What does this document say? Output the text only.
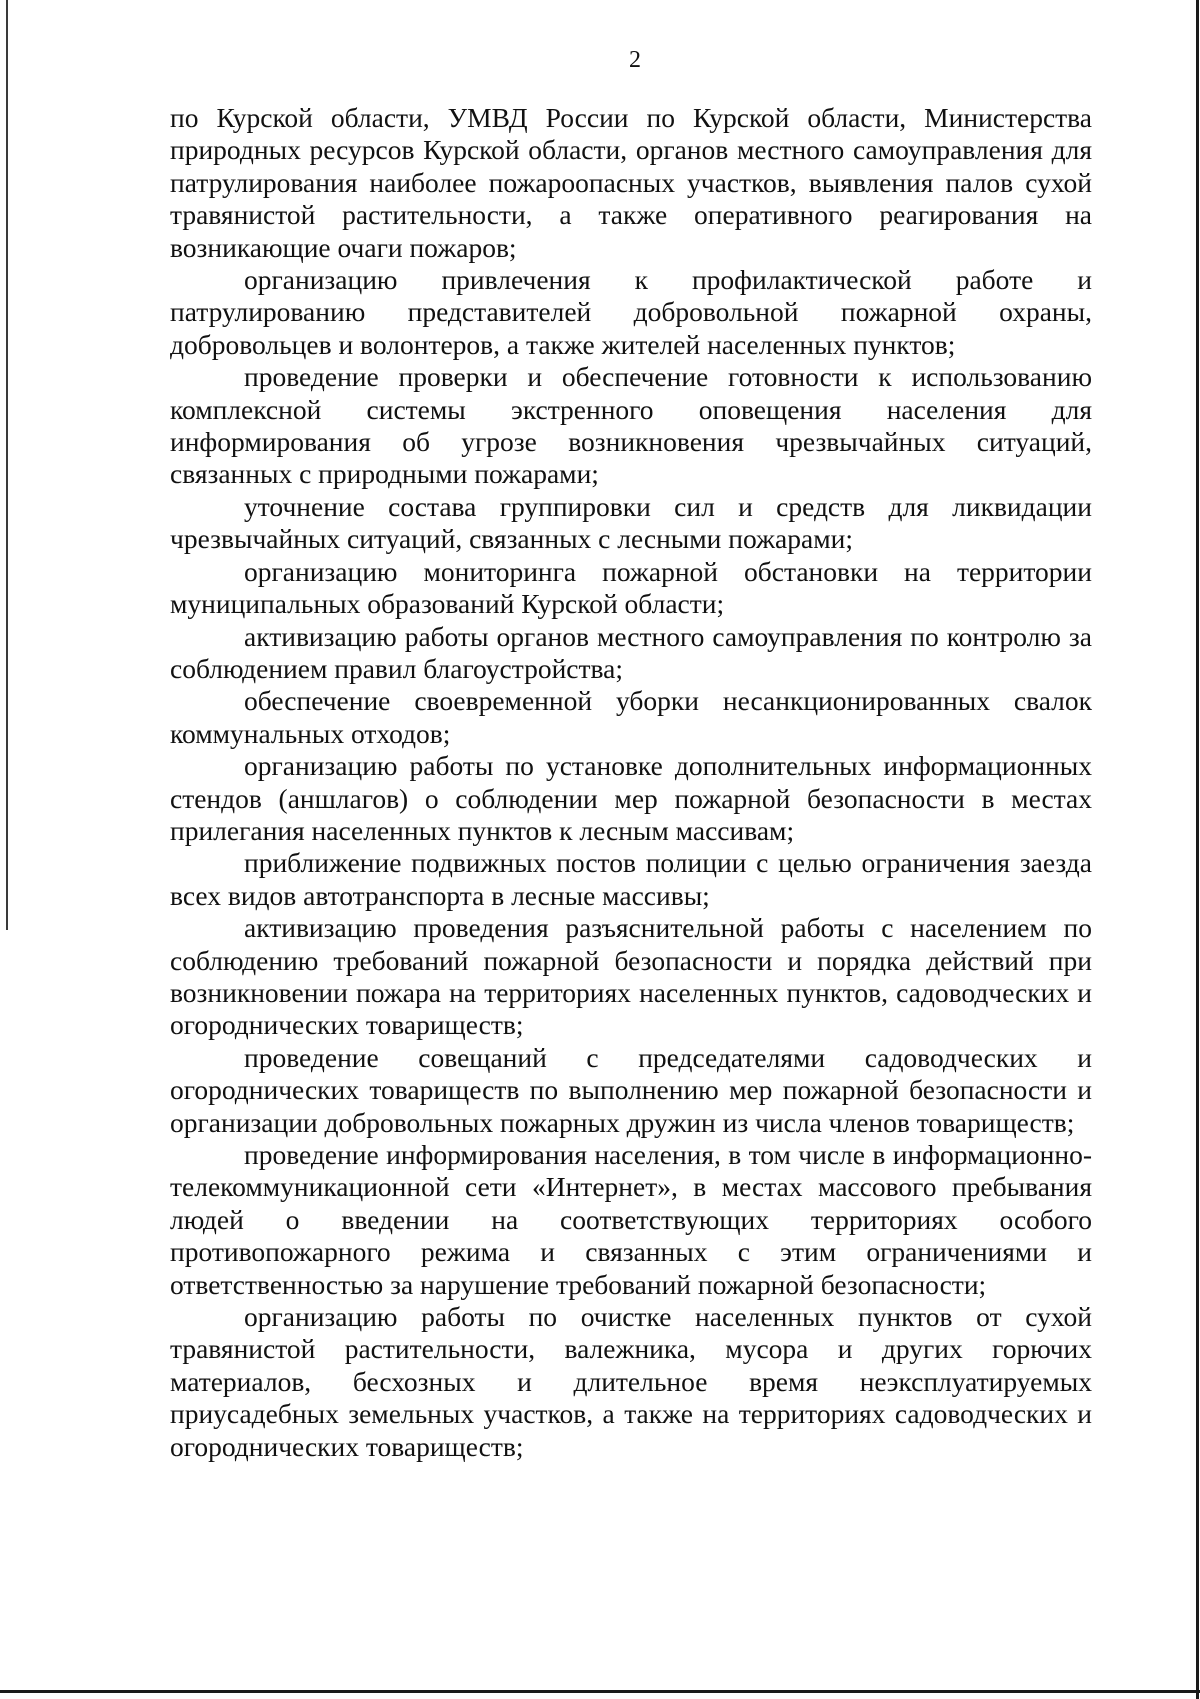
2

по Курской области, УМВД России по Курской области, Министерства природных ресурсов Курской области, органов местного самоуправления для патрулирования наиболее пожароопасных участков, выявления палов сухой травянистой растительности, а также оперативного реагирования на возникающие очаги пожаров;

организацию привлечения к профилактической работе и патрулированию представителей добровольной пожарной охраны, добровольцев и волонтеров, а также жителей населенных пунктов;

проведение проверки и обеспечение готовности к использованию комплексной системы экстренного оповещения населения для информирования об угрозе возникновения чрезвычайных ситуаций, связанных с природными пожарами;

уточнение состава группировки сил и средств для ликвидации чрезвычайных ситуаций, связанных с лесными пожарами;

организацию мониторинга пожарной обстановки на территории муниципальных образований Курской области;

активизацию работы органов местного самоуправления по контролю за соблюдением правил благоустройства;

обеспечение своевременной уборки несанкционированных свалок коммунальных отходов;

организацию работы по установке дополнительных информационных стендов (аншлагов) о соблюдении мер пожарной безопасности в местах прилегания населенных пунктов к лесным массивам;

приближение подвижных постов полиции с целью ограничения заезда всех видов автотранспорта в лесные массивы;

активизацию проведения разъяснительной работы с населением по соблюдению требований пожарной безопасности и порядка действий при возникновении пожара на территориях населенных пунктов, садоводческих и огороднических товариществ;

проведение совещаний с председателями садоводческих и огороднических товариществ по выполнению мер пожарной безопасности и организации добровольных пожарных дружин из числа членов товариществ;

проведение информирования населения, в том числе в информационно-телекоммуникационной сети «Интернет», в местах массового пребывания людей о введении на соответствующих территориях особого противопожарного режима и связанных с этим ограничениями и ответственностью за нарушение требований пожарной безопасности;

организацию работы по очистке населенных пунктов от сухой травянистой растительности, валежника, мусора и других горючих материалов, бесхозных и длительное время неэксплуатируемых приусадебных земельных участков, а также на территориях садоводческих и огороднических товариществ;
